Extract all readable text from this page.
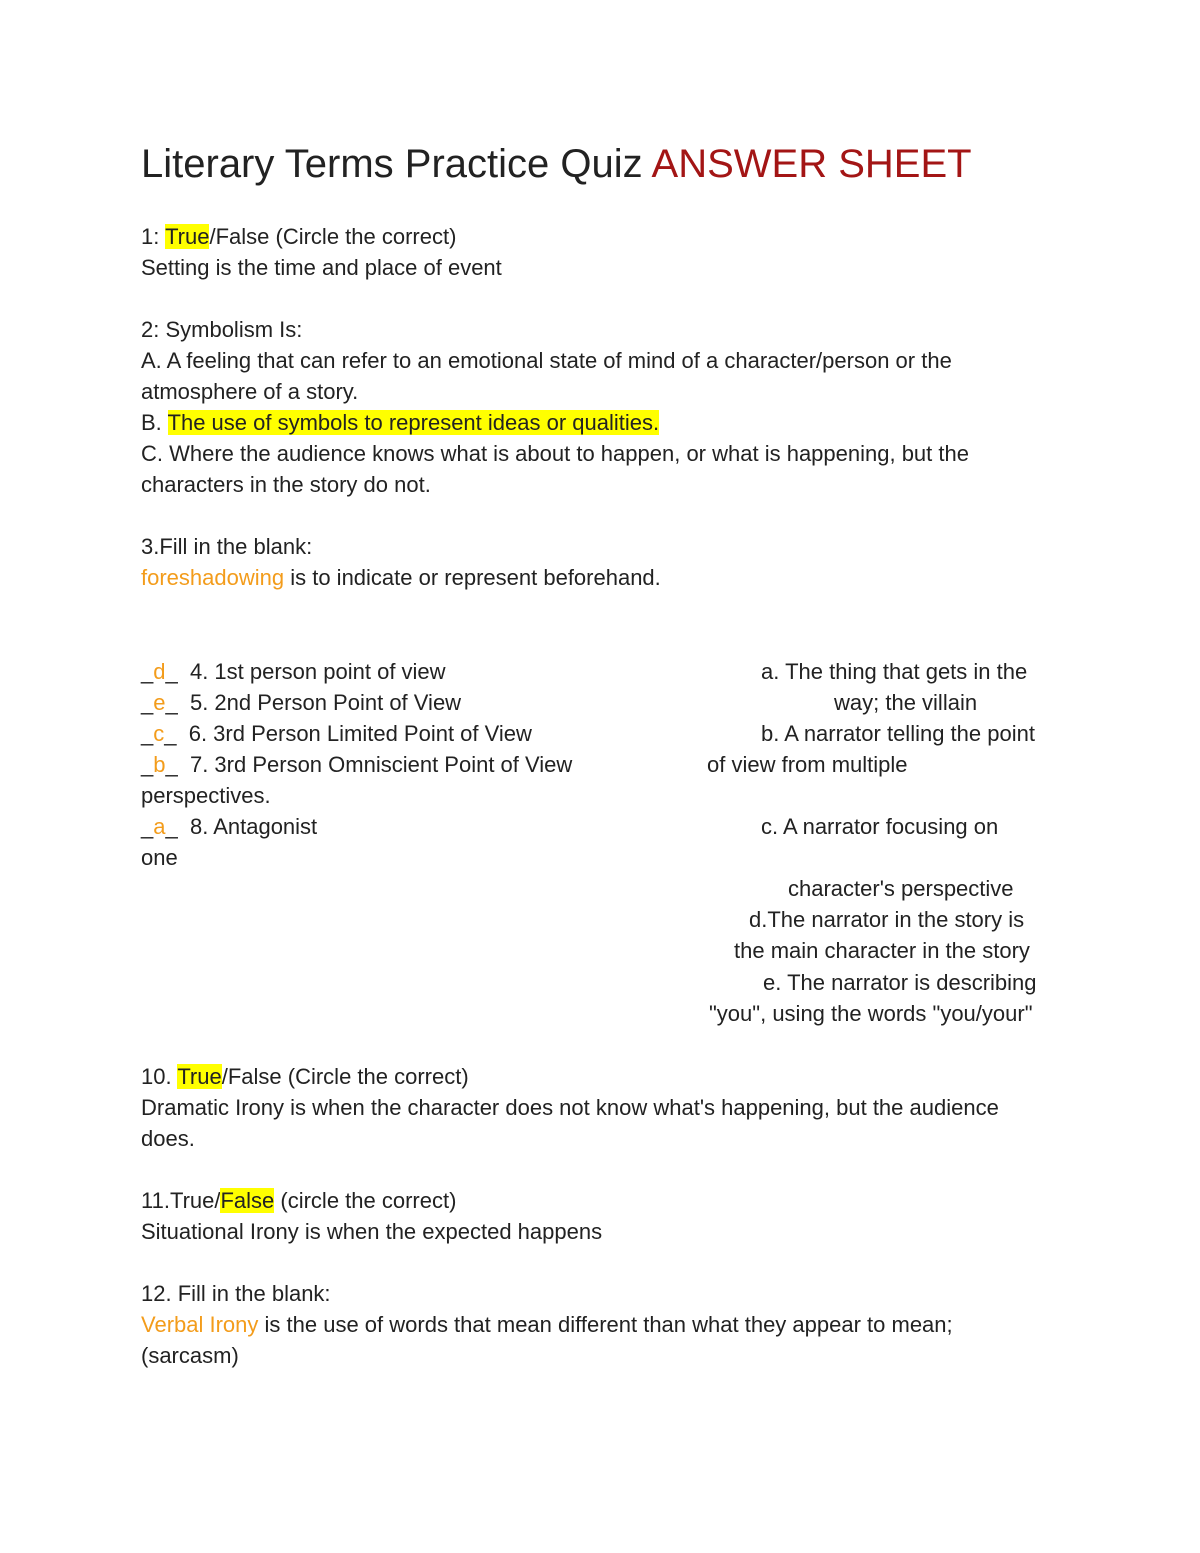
Literary Terms Practice Quiz ANSWER SHEET

1: True/False (Circle the correct)

Setting is the time and place of event

2: Symbolism Is:

A. A feeling that can refer to an emotional state of mind of a character/person or the

atmosphere of a story.

B. The use of symbols to represent ideas or qualities.

C. Where the audience knows what is about to happen, or what is happening, but the

characters in the story do not.

3.Fill in the blank:

foreshadowing is to indicate or represent beforehand.

_d_  4. 1st person point of view

_e_  5. 2nd Person Point of View

_c_  6. 3rd Person Limited Point of View

_b_  7. 3rd Person Omniscient Point of View

perspectives.

_a_  8. Antagonist

one

a. The thing that gets in the
way; the villain
b. A narrator telling the point
of view from multiple
c. A narrator focusing on
character's perspective
d.The narrator in the story is
the main character in the story
e. The narrator is describing
"you", using the words "you/your"

10. True/False (Circle the correct)

Dramatic Irony is when the character does not know what's happening, but the audience

does.

11.True/False (circle the correct)

Situational Irony is when the expected happens

12. Fill in the blank:

Verbal Irony is the use of words that mean different than what they appear to mean;

(sarcasm)
